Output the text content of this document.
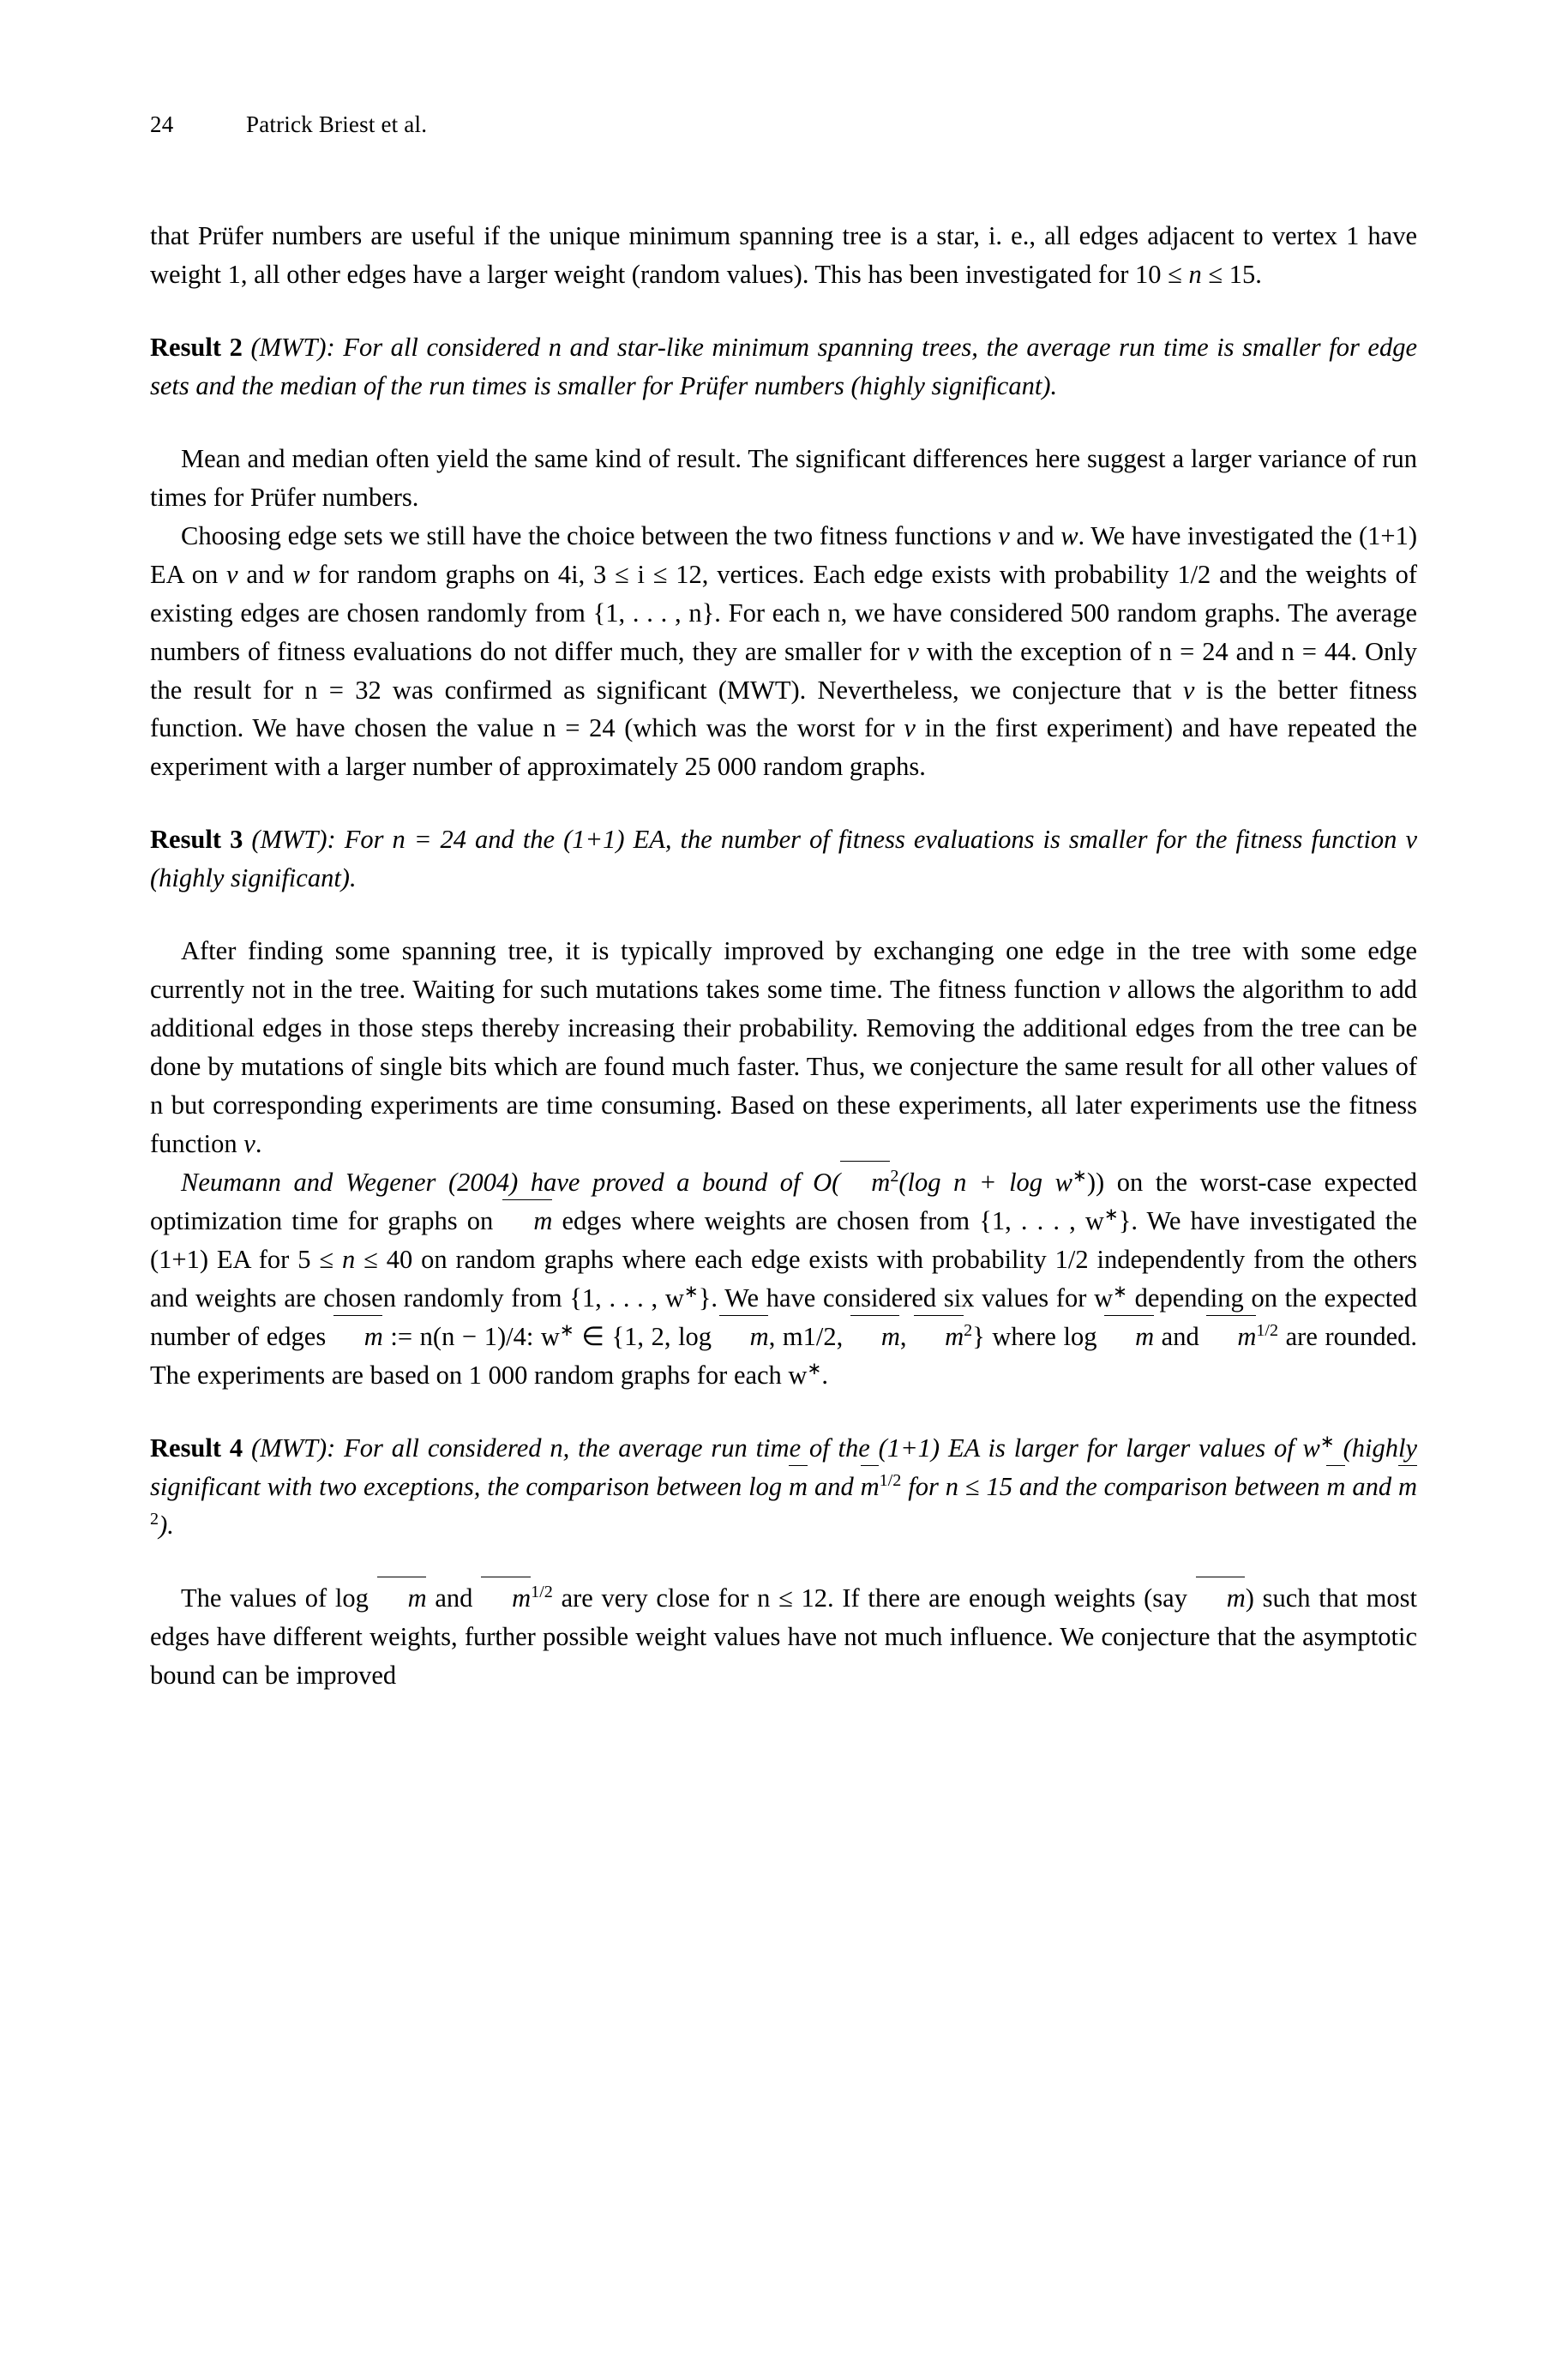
24	Patrick Briest et al.

that Prüfer numbers are useful if the unique minimum spanning tree is a star, i. e., all edges adjacent to vertex 1 have weight 1, all other edges have a larger weight (random values). This has been investigated for 10 ≤ n ≤ 15.

Result 2 (MWT): For all considered n and star-like minimum spanning trees, the average run time is smaller for edge sets and the median of the run times is smaller for Prüfer numbers (highly significant).

Mean and median often yield the same kind of result. The significant differences here suggest a larger variance of run times for Prüfer numbers.

Choosing edge sets we still have the choice between the two fitness functions v and w. We have investigated the (1+1) EA on v and w for random graphs on 4i, 3 ≤ i ≤ 12, vertices. Each edge exists with probability 1/2 and the weights of existing edges are chosen randomly from {1, . . . , n}. For each n, we have considered 500 random graphs. The average numbers of fitness evaluations do not differ much, they are smaller for v with the exception of n = 24 and n = 44. Only the result for n = 32 was confirmed as significant (MWT). Nevertheless, we conjecture that v is the better fitness function. We have chosen the value n = 24 (which was the worst for v in the first experiment) and have repeated the experiment with a larger number of approximately 25 000 random graphs.

Result 3 (MWT): For n = 24 and the (1+1) EA, the number of fitness evaluations is smaller for the fitness function v (highly significant).

After finding some spanning tree, it is typically improved by exchanging one edge in the tree with some edge currently not in the tree. Waiting for such mutations takes some time. The fitness function v allows the algorithm to add additional edges in those steps thereby increasing their probability. Removing the additional edges from the tree can be done by mutations of single bits which are found much faster. Thus, we conjecture the same result for all other values of n but corresponding experiments are time consuming. Based on these experiments, all later experiments use the fitness function v.

Neumann and Wegener (2004) have proved a bound of O( $m^2(\log$ n + log w∗)) on the worst-case expected optimization time for graphs on m edges where weights are chosen from {1, . . . , w∗}. We have investigated the (1+1) EA for 5 ≤ n ≤ 40 on random graphs where each edge exists with probability 1/2 independently from the others and weights are chosen randomly from {1, . . . , w∗}. We have considered six values for w∗ depending on the expected number of edges m := n(n − 1)/4: w∗ ∈ {1, 2, log m, m1/2, m, $m^2$} where log m and $m^{1/2}$ are rounded. The experiments are based on 1 000 random graphs for each w∗.

Result 4 (MWT): For all considered n, the average run time of the (1+1) EA is larger for larger values of w∗ (highly significant with two exceptions, the comparison between log m and $m^{1/2}$ for n ≤ 15 and the comparison between m and $m^2$).

The values of log m and $m^{1/2}$ are very close for n ≤ 12. If there are enough weights (say m) such that most edges have different weights, further possible weight values have not much influence. We conjecture that the asymptotic bound can be improved
